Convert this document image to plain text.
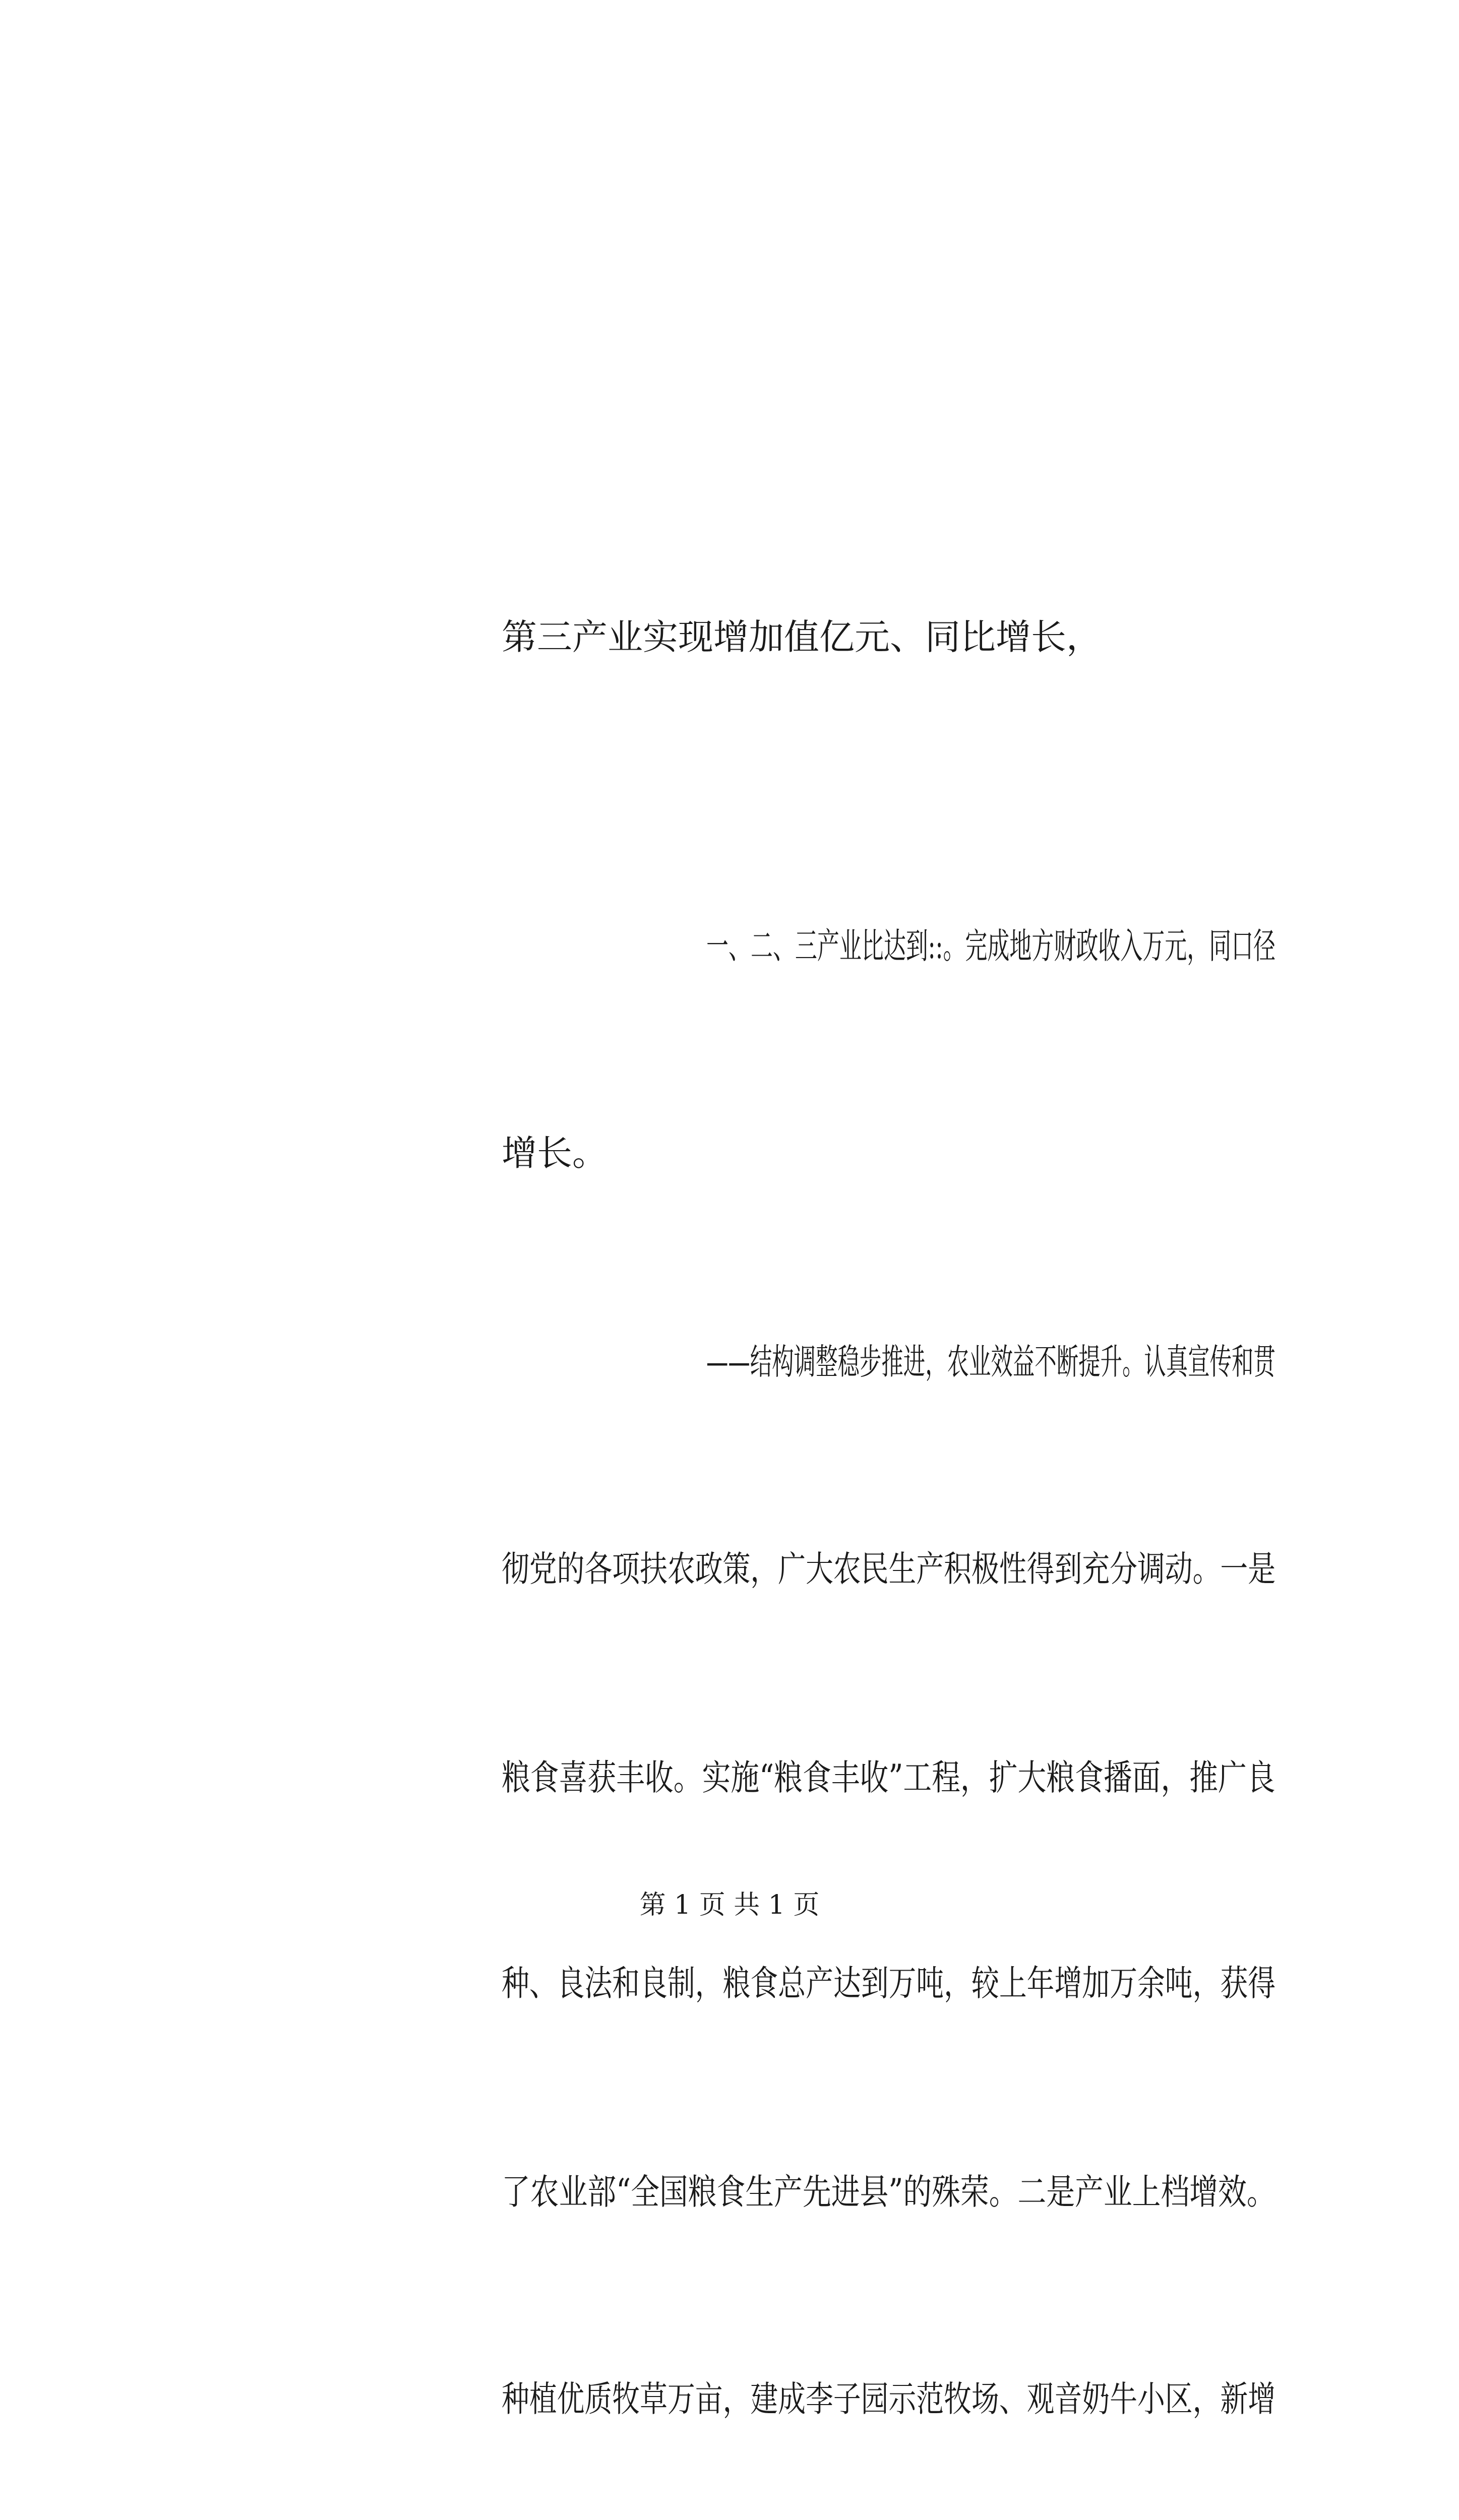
第三产业实现增加值亿元、同比增长，
一、二、三产业比达到::。完成地方财政收入万元，同口径
增长。
——结构调整稳步推进，农业效益不断提升。认真宣传和贯
彻党的各项扶农政策，广大农民生产积极性得到充分调动。一是
粮食喜获丰收。实施“粮食丰收”工程，扩大粮食播面，推广良
种、良法和良制，粮食总产达到万吨，较上年增加万余吨，获得
了农业部“全国粮食生产先进县”的殊荣。二是产业上档增效。
种植优质牧草万亩，建成李子园示范牧场、观音奶牛小区，新增
第 1 页 共 1 页
